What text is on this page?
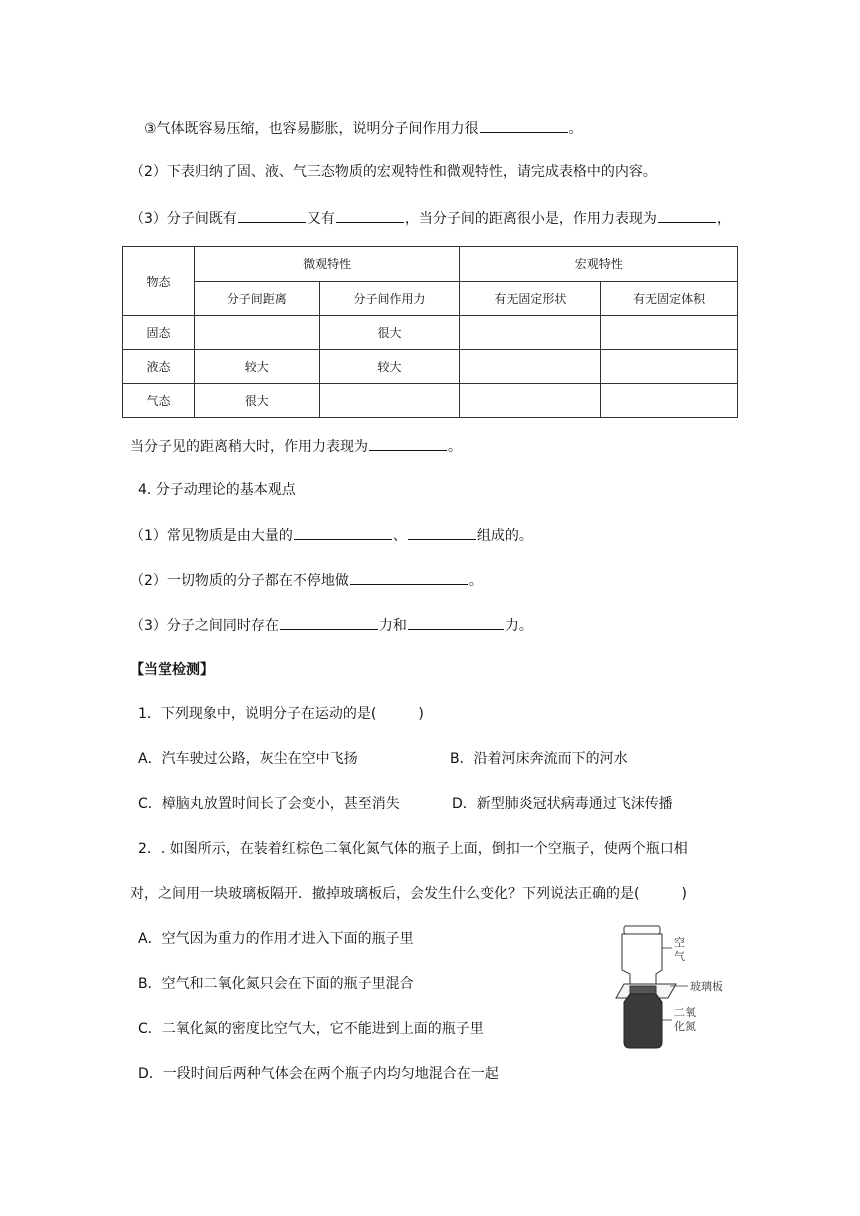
③气体既容易压缩，也容易膨胀，说明分子间作用力很	。
（2）下表归纳了固、液、气三态物质的宏观特性和微观特性，请完成表格中的内容。
（3）分子间既有	又有	，当分子间的距离很小是，作用力表现为	，
物态	微观特性		宏观特性	
	分子间距离	分子间作用力	有无固定形状	有无固定体积
固态		很大		
液态	较大	较大		
气态	很大			
当分子见的距离稍大时，作用力表现为	。
4. 分子动理论的基本观点
（1）常见物质是由大量的	、	组成的。
（2）一切物质的分子都在不停地做	。
（3）分子之间同时存在	力和	力。
【当堂检测】
1．下列现象中，说明分子在运动的是(　　　)
A．汽车驶过公路，灰尘在空中飞扬	B．沿着河床奔流而下的河水
C．樟脑丸放置时间长了会变小，甚至消失	D．新型肺炎冠状病毒通过飞沫传播
2．. 如图所示，在装着红棕色二氧化氮气体的瓶子上面，倒扣一个空瓶子，使两个瓶口相
对，之间用一块玻璃板隔开．撤掉玻璃板后，会发生什么变化？下列说法正确的是(　　　)
A．空气因为重力的作用才进入下面的瓶子里
B．空气和二氧化氮只会在下面的瓶子里混合
C．二氧化氮的密度比空气大，它不能进到上面的瓶子里
D．一段时间后两种气体会在两个瓶子内均匀地混合在一起
空
气
玻璃板
二氧
化氮
